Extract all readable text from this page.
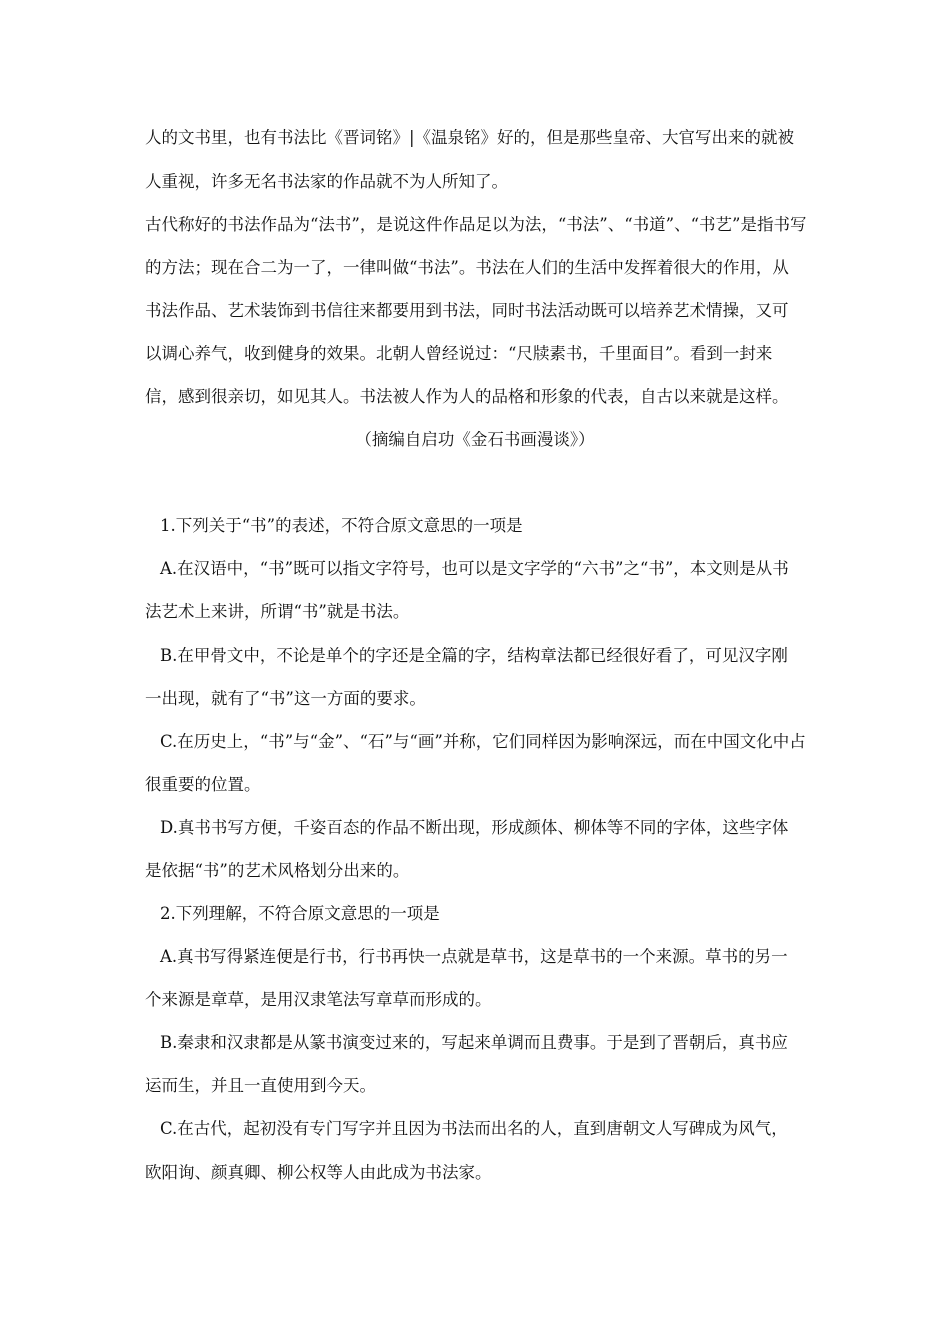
人的文书里，也有书法比《晋词铭》|《温泉铭》好的，但是那些皇帝、大官写出来的就被
人重视，许多无名书法家的作品就不为人所知了。
古代称好的书法作品为“法书”，是说这件作品足以为法，“书法”、“书道”、“书艺”是指书写
的方法；现在合二为一了，一律叫做“书法”。书法在人们的生活中发挥着很大的作用，从
书法作品、艺术装饰到书信往来都要用到书法，同时书法活动既可以培养艺术情操，又可
以调心养气，收到健身的效果。北朝人曾经说过：“尺牍素书，千里面目”。看到一封来
信，感到很亲切，如见其人。书法被人作为人的品格和形象的代表，自古以来就是这样。
（摘编自启功《金石书画漫谈》）
1.下列关于“书”的表述，不符合原文意思的一项是
A.在汉语中，“书”既可以指文字符号，也可以是文字学的“六书”之“书”，本文则是从书
法艺术上来讲，所谓“书”就是书法。
B.在甲骨文中，不论是单个的字还是全篇的字，结构章法都已经很好看了，可见汉字刚
一出现，就有了“书”这一方面的要求。
C.在历史上，“书”与“金”、“石”与“画”并称，它们同样因为影响深远，而在中国文化中占
很重要的位置。
D.真书书写方便，千姿百态的作品不断出现，形成颜体、柳体等不同的字体，这些字体
是依据“书”的艺术风格划分出来的。
2.下列理解，不符合原文意思的一项是
A.真书写得紧连便是行书，行书再快一点就是草书，这是草书的一个来源。草书的另一
个来源是章草，是用汉隶笔法写章草而形成的。
B.秦隶和汉隶都是从篆书演变过来的，写起来单调而且费事。于是到了晋朝后，真书应
运而生，并且一直使用到今天。
C.在古代，起初没有专门写字并且因为书法而出名的人，直到唐朝文人写碑成为风气，
欧阳询、颜真卿、柳公权等人由此成为书法家。
